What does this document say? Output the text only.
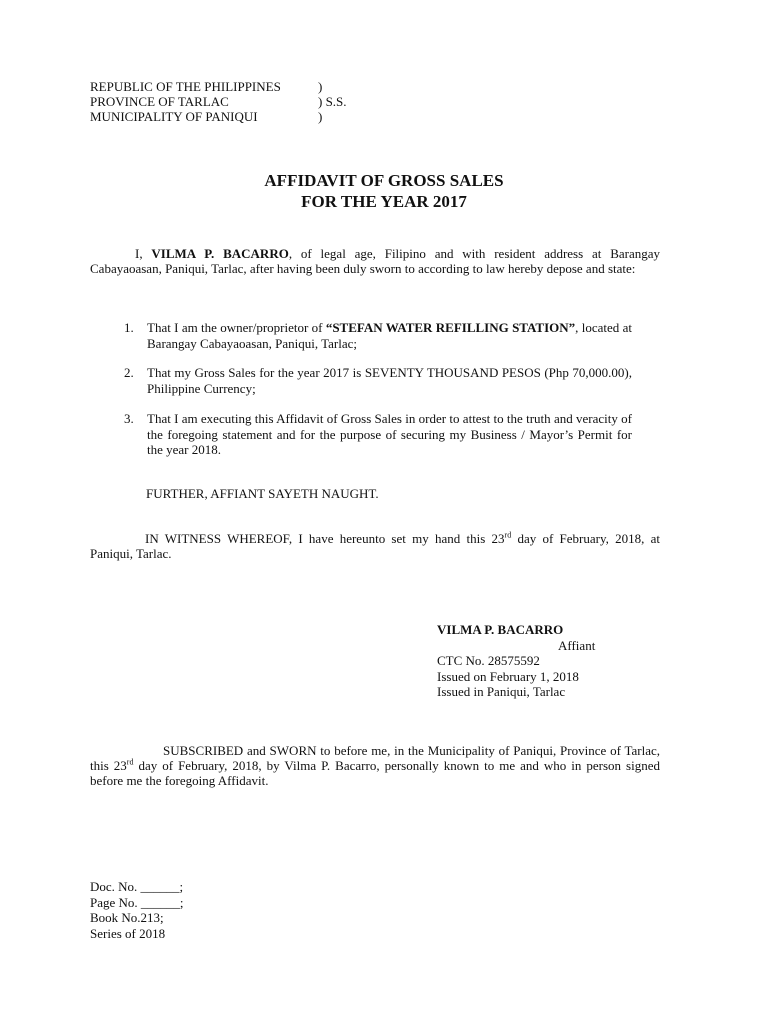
REPUBLIC OF THE PHILIPPINES	)
PROVINCE OF TARLAC	) S.S.
MUNICIPALITY OF PANIQUI	)
AFFIDAVIT OF GROSS SALES
FOR THE YEAR 2017
I, VILMA P. BACARRO, of legal age, Filipino and with resident address at Barangay Cabayaoasan, Paniqui, Tarlac, after having been duly sworn to according to law hereby depose and state:
1. That I am the owner/proprietor of “STEFAN WATER REFILLING STATION”, located at Barangay Cabayaoasan, Paniqui, Tarlac;
2. That my Gross Sales for the year 2017 is SEVENTY THOUSAND PESOS (Php 70,000.00), Philippine Currency;
3. That I am executing this Affidavit of Gross Sales in order to attest to the truth and veracity of the foregoing statement and for the purpose of securing my Business / Mayor’s Permit for the year 2018.
FURTHER, AFFIANT SAYETH NAUGHT.
IN WITNESS WHEREOF, I have hereunto set my hand this 23rd day of February, 2018, at Paniqui, Tarlac.
VILMA P. BACARRO
Affiant
CTC No. 28575592
Issued on February 1, 2018
Issued in Paniqui, Tarlac
SUBSCRIBED and SWORN to before me, in the Municipality of Paniqui, Province of Tarlac, this 23rd day of February, 2018, by Vilma P. Bacarro, personally known to me and who in person signed before me the foregoing Affidavit.
Doc. No. ______;
Page No. ______;
Book No.213;
Series of 2018
